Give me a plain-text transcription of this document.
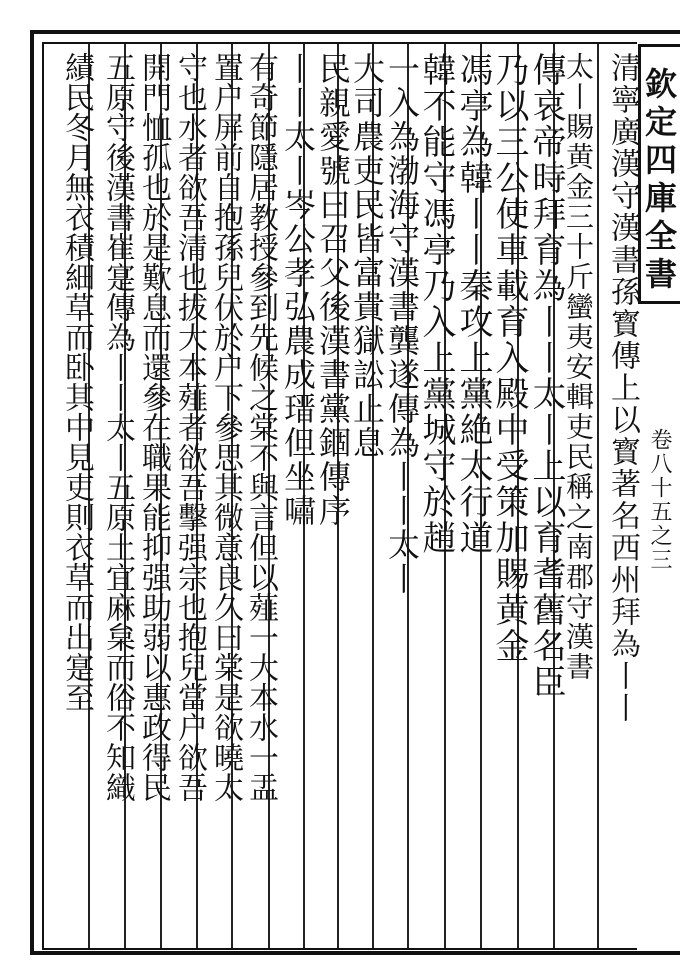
欽定四庫全書
卷八十五之三
清寧廣漢守漢書孫寳傳上以寳著名西州拜為丨丨
太丨賜黄金三十斤蠻夷安輯吏民稱之南郡守漢書
傳哀帝時拜育為丨丨太丨上以育耆舊名臣
乃以三公使車載育入殿中受策加賜黄金
馮亭為韓丨丨秦攻上黨絶太行道
韓不能守馮亭乃入上黨城守於趙
一入為渤海守漢書龔遂傳為丨丨太丨
大司農吏民皆富貴獄訟止息
民親愛號曰召父後漢書黨錮傳序
丨丨太丨岑公孝弘農成瑨但坐嘯
有奇節隱居教授參到先候之棠不與言但以薤一大本水一盂
置户屏前自抱孫兒伏於户下參思其微意良久曰棠是欲曉太
守也水者欲吾清也拔大本薤者欲吾擊强宗也抱兒當户欲吾
開門恤孤也於是歎息而還參在職果能抑强助弱以惠政得民
五原守後漢書崔寔傳為丨丨太丨五原土宜麻枲而俗不知織
績民冬月無衣積細草而卧其中見吏則衣草而出寔至
